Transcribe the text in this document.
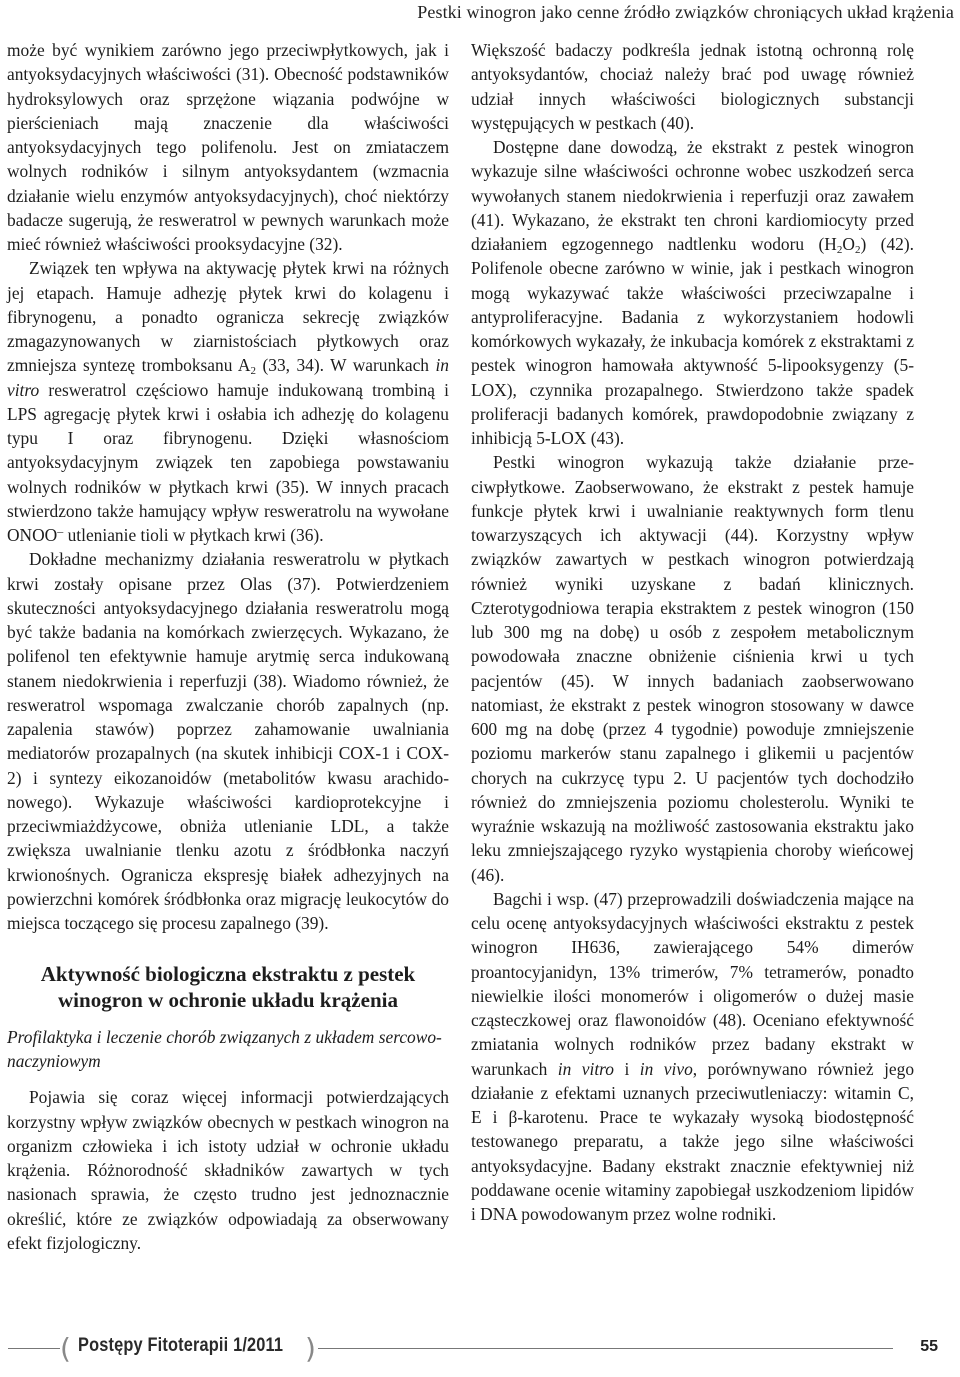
Pestki winogron jako cenne źródło związków chroniących układ krążenia

może być wynikiem zarówno jego przeciwpłytkowych, jak i antyoksydacyjnych właściwości (31). Obecność podstawników hydroksylowych oraz sprzężone wiązania podwójne w pierścieniach mają znaczenie dla właściwości antyoksydacyjnych tego polifenolu. Jest on zmiataczem wolnych rodników i silnym antyoksydantem (wzmacnia działanie wielu enzymów antyoksydacyjnych), choć niektórzy badacze sugerują, że resweratrol w pewnych warunkach może mieć również właściwości prooksydacyjne (32).

Związek ten wpływa na aktywację płytek krwi na różnych jej etapach. Hamuje adhezję płytek krwi do kolagenu i fibrynogenu, a ponadto ogranicza sekrecję związków zmagazynowanych w ziarnistościach płytkowych oraz zmniejsza syntezę tromboksanu $A_2$ (33, 34). W warunkach in vitro resweratrol częściowo hamuje indukowaną trombiną i LPS agregację płytek krwi i osłabia ich adhezję do kolagenu typu I oraz fibrynogenu. Dzięki własnościom antyoksydacyjnym związek ten zapobiega powstawaniu wolnych rodników w płytkach krwi (35). W innych pracach stwierdzono także hamujący wpływ resweratrolu na wywołane ONOO– utlenianie tioli w płytkach krwi (36).

Dokładne mechanizmy działania resweratrolu w płytkach krwi zostały opisane przez Olas (37). Potwierdzeniem skuteczności antyoksydacyjnego działania resweratrolu mogą być także badania na komórkach zwierzęcych. Wykazano, że polifenol ten efektywnie hamuje arytmię serca indukowaną stanem niedokrwienia i reperfuzji (38). Wiadomo również, że resweratrol wspomaga zwalczanie chorób zapalnych (np. zapalenia stawów) poprzez zahamowanie uwalniania mediatorów prozapalnych (na skutek inhibicji COX-1 i COX-2) i syntezy eikozanoidów (metabolitów kwasu arachidonowego). Wykazuje właściwości kardioprotekcyjne i przeciwmiażdżycowe, obniża utlenianie LDL, a także zwiększa uwalnianie tlenku azotu z śródbłonka naczyń krwionośnych. Ogranicza ekspresję białek adhezyjnych na powierzchni komórek śródbłonka oraz migrację leukocytów do miejsca toczącego się procesu zapalnego (39).

Aktywność biologiczna ekstraktu z pestek
winogron w ochronie układu krążenia
Profilaktyka i leczenie chorób związanych z układem sercowo-naczyniowym

Pojawia się coraz więcej informacji potwierdzających korzystny wpływ związków obecnych w pestkach winogron na organizm człowieka i ich istoty udział w ochronie układu krążenia. Różnorodność składników zawartych w tych nasionach sprawia, że często trudno jest jednoznacznie określić, które ze związków odpowiadają za obserwowany efekt fizjologiczny.

Większość badaczy podkreśla jednak istotną ochronną rolę antyoksydantów, chociaż należy brać pod uwagę również udział innych właściwości biologicznych substancji występujących w pestkach (40).

Dostępne dane dowodzą, że ekstrakt z pestek winogron wykazuje silne właściwości ochronne wobec uszkodzeń serca wywołanych stanem niedokrwienia i reperfuzji oraz zawałem (41). Wykazano, że ekstrakt ten chroni kardiomiocyty przed działaniem egzogennego nadtlenku wodoru $(H_2O_2)$ (42). Polifenole obecne zarówno w winie, jak i pestkach winogron mogą wykazywać także właściwości przeciwzapalne i antyproliferacyjne. Badania z wykorzystaniem hodowli komórkowych wykazały, że inkubacja komórek z ekstraktami z pestek winogron hamowała aktywność 5-lipooksygenzy (5-LOX), czynnika prozapalnego. Stwierdzono także spadek proliferacji badanych komórek, prawdopodobnie związany z inhibicją 5-LOX (43).

Pestki winogron wykazują także działanie przeciwpłytkowe. Zaobserwowano, że ekstrakt z pestek hamuje funkcje płytek krwi i uwalnianie reaktywnych form tlenu towarzyszących ich aktywacji (44). Korzystny wpływ związków zawartych w pestkach winogron potwierdzają również wyniki uzyskane z badań klinicznych. Czterotygodniowa terapia ekstraktem z pestek winogron (150 lub 300 mg na dobę) u osób z zespołem metabolicznym powodowała znaczne obniżenie ciśnienia krwi u tych pacjentów (45). W innych badaniach zaobserwowano natomiast, że ekstrakt z pestek winogron stosowany w dawce 600 mg na dobę (przez 4 tygodnie) powoduje zmniejszenie poziomu markerów stanu zapalnego i glikemii u pacjentów chorych na cukrzycę typu 2. U pacjentów tych dochodziło również do zmniejszenia poziomu cholesterolu. Wyniki te wyraźnie wskazują na możliwość zastosowania ekstraktu jako leku zmniejszającego ryzyko wystąpienia choroby wieńcowej (46).

Bagchi i wsp. (47) przeprowadzili doświadczenia mające na celu ocenę antyoksydacyjnych właściwości ekstraktu z pestek winogron IH636, zawierającego 54% dimerów proantocyjanidyn, 13% trimerów, 7% tetramerów, ponadto niewielkie ilości monomerów i oligomerów o dużej masie cząsteczkowej oraz flawonoidów (48). Oceniano efektywność zmiatania wolnych rodników przez badany ekstrakt w warunkach in vitro i in vivo, porównywano również jego działanie z efektami uznanych przeciwutleniaczy: witamin C, E i β-karotenu. Prace te wykazały wysoką biodostępność testowanego preparatu, a także jego silne właściwości antyoksydacyjne. Badany ekstrakt znacznie efektywniej niż poddawane ocenie witaminy zapobiegał uszkodzeniom lipidów i DNA powodowanym przez wolne rodniki.

( Postępy Fitoterapii 1/2011 )	55
